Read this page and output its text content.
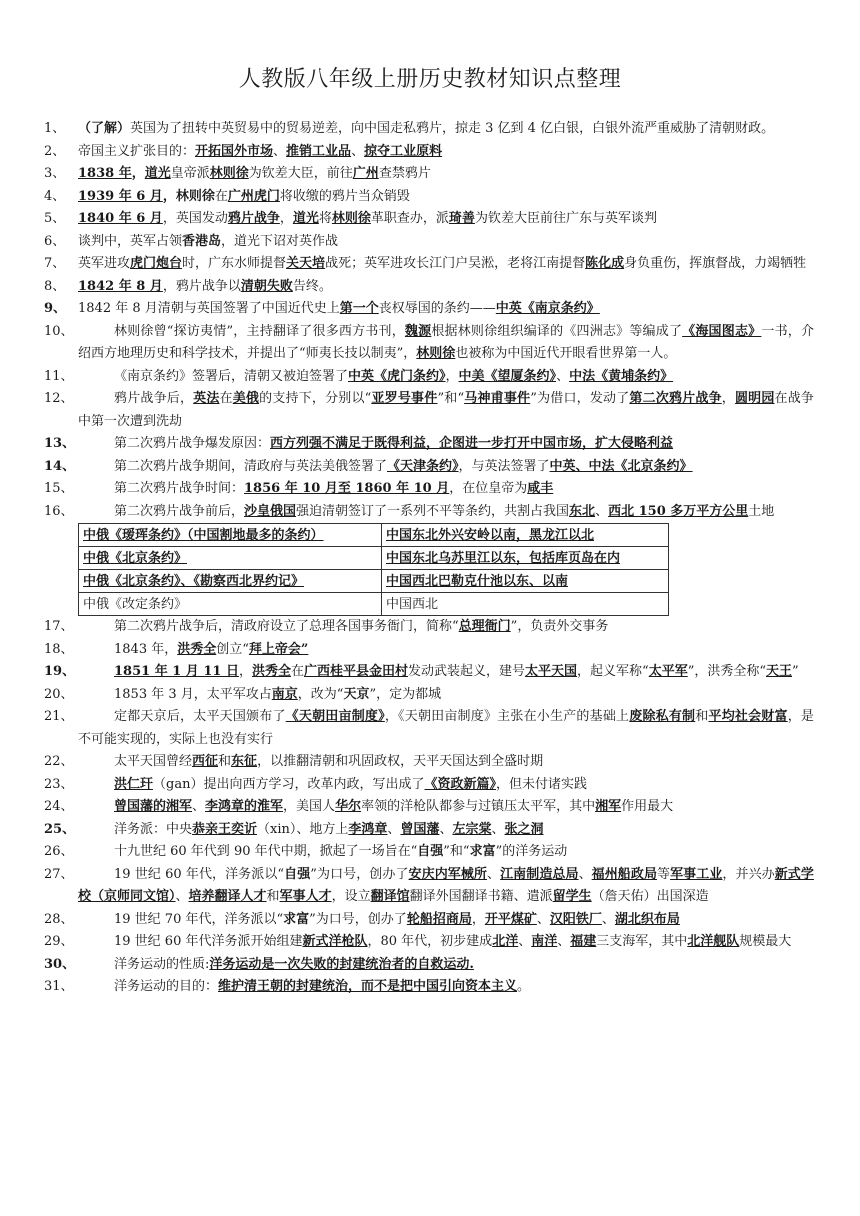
人教版八年级上册历史教材知识点整理
1、 （了解）英国为了扭转中英贸易中的贸易逆差，向中国走私鸦片，掠走 3 亿到 4 亿白银，白银外流严重威胁了清朝财政。
2、 帝国主义扩张目的：开拓国外市场、推销工业品、掠夺工业原料
3、 1838 年，道光皇帝派林则徐为钦差大臣，前往广州查禁鸦片
4、 1939 年 6 月，林则徐在广州虎门将收缴的鸦片当众销毁
5、 1840 年 6 月，英国发动鸦片战争，道光将林则徐革职查办，派琦善为钦差大臣前往广东与英军谈判
6、 谈判中，英军占领香港岛，道光下诏对英作战
7、 英军进攻虎门炮台时，广东水师提督关天培战死；英军进攻长江门户吴淞，老将江南提督陈化成身负重伤，挥旗督战，力竭牺牲
8、 1842 年 8 月，鸦片战争以清朝失败告终。
9、 1842 年 8 月清朝与英国签署了中国近代史上第一个丧权辱国的条约——中英《南京条约》
10、	林则徐曾“探访夷情”，主持翻译了很多西方书刊，魏源根据林则徐组织编译的《四洲志》等编成了《海国图志》一书，介绍西方地理历史和科学技术，并提出了“师夷长技以制夷”，林则徐也被称为中国近代开眼看世界第一人。
11、	《南京条约》签署后，清朝又被迫签署了中英《虎门条约》，中美《望厦条约》、中法《黄埔条约》
12、	鸦片战争后，英法在美俄的支持下，分别以“亚罗号事件”和“马神甫事件”为借口，发动了第二次鸦片战争，圆明园在战争中第一次遭到洗劫
13、	第二次鸦片战争爆发原因：西方列强不满足于既得利益，企图进一步打开中国市场，扩大侵略利益
14、	第二次鸦片战争期间，清政府与英法美俄签署了《天津条约》，与英法签署了中英、中法《北京条约》
15、	第二次鸦片战争时间：1856 年 10 月至 1860 年 10 月，在位皇帝为咸丰
16、	第二次鸦片战争前后，沙皇俄国强迫清朝签订了一系列不平等条约，共割占我国东北、西北 150 多万平方公里土地
中俄《瑷珲条约》（中国割地最多的条约）	中国东北外兴安岭以南，黑龙江以北
中俄《北京条约》	中国东北乌苏里江以东，包括库页岛在内
中俄《北京条约》、《勘察西北界约记》	中国西北巴勒克什池以东、以南
中俄《改定条约》	中国西北
17、	第二次鸦片战争后，清政府设立了总理各国事务衙门，简称“总理衙门”，负责外交事务
18、	1843 年，洪秀全创立“拜上帝会”
19、	1851 年 1 月 11 日，洪秀全在广西桂平县金田村发动武装起义，建号太平天国，起义军称“太平军”，洪秀全称“天王”
20、	1853 年 3 月，太平军攻占南京，改为“天京”，定为都城
21、	定都天京后，太平天国颁布了《天朝田亩制度》，《天朝田亩制度》主张在小生产的基础上废除私有制和平均社会财富，是不可能实现的，实际上也没有实行
22、	太平天国曾经西征和东征，以推翻清朝和巩固政权，天平天国达到全盛时期
23、	洪仁玕（gan）提出向西方学习，改革内政，写出成了《资政新篇》，但未付诸实践
24、	曾国藩的湘军、李鸿章的淮军，美国人华尔率领的洋枪队都参与过镇压太平军，其中湘军作用最大
25、	洋务派：中央恭亲王奕䜣（xin）、地方上李鸿章、曾国藩、左宗棠、张之洞
26、	十九世纪 60 年代到 90 年代中期，掀起了一场旨在“自强”和“求富”的洋务运动
27、	19 世纪 60 年代，洋务派以“自强”为口号，创办了安庆内军械所、江南制造总局、福州船政局等军事工业，并兴办新式学校（京师同文馆）、培养翻译人才和军事人才，设立翻译馆翻译外国翻译书籍、遣派留学生（詹天佑）出国深造
28、	19 世纪 70 年代，洋务派以“求富”为口号，创办了轮船招商局，开平煤矿、汉阳铁厂、湖北织布局
29、	19 世纪 60 年代洋务派开始组建新式洋枪队，80 年代，初步建成北洋、南洋、福建三支海军，其中北洋舰队规模最大
30、	洋务运动的性质:洋务运动是一次失败的封建统治者的自救运动.
31、	洋务运动的目的：维护清王朝的封建统治，而不是把中国引向资本主义。
